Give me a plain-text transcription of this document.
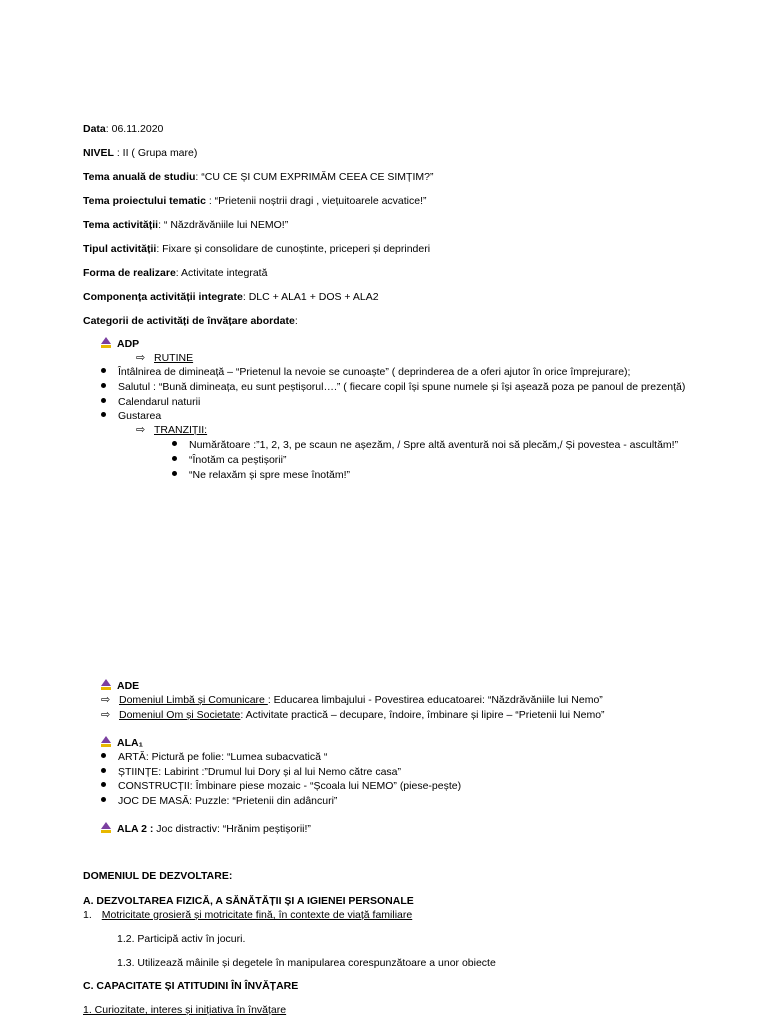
Data: 06.11.2020
NIVEL : II ( Grupa mare)
Tema anuală de studiu: “CU CE ȘI CUM EXPRIMĂM CEEA CE SIMȚIM?”
Tema proiectului tematic : “Prietenii noștrii dragi , viețuitoarele acvatice!”
Tema activității: “ Năzdrăvăniile lui NEMO!”
Tipul activității: Fixare și consolidare de cunoștinte, priceperi și deprinderi
Forma de realizare: Activitate integrată
Componența activității integrate: DLC + ALA1 + DOS + ALA2
Categorii de activități de învățare abordate:
ADP
⇨ RUTINE
Întâlnirea de dimineață – “Prietenul la nevoie se cunoaște” ( deprinderea de a oferi ajutor în orice împrejurare);
Salutul : “Bună dimineața, eu sunt peștișorul….” ( fiecare copil își spune numele și își așează poza pe panoul de prezență)
Calendarul naturii
Gustarea
⇨ TRANZIȚII:
Numărătoare :”1, 2, 3, pe scaun ne așezăm, / Spre altă aventură noi să plecăm,/ Și povestea - ascultăm!”
“Înotăm ca peștișorii”
“Ne relaxăm și spre mese înotăm!”
ADE
⇨ Domeniul Limbă și Comunicare : Educarea limbajului - Povestirea educatoarei: “Năzdrăvăniile lui Nemo”
⇨ Domeniul Om și Societate: Activitate practică – decupare, îndoire, îmbinare și lipire – “Prietenii lui Nemo”
ALA₁
ARTĂ: Pictură pe folie: “Lumea subacvatică “
ȘTIINȚE: Labirint :”Drumul lui Dory și al lui Nemo către casa”
CONSTRUCȚII: Îmbinare piese mozaic - “Școala lui NEMO” (piese-pește)
JOC DE MASĂ: Puzzle: “Prietenii din adâncuri”
ALA 2 : Joc distractiv: “Hrănim peștișorii!”
DOMENIUL DE DEZVOLTARE:
A. DEZVOLTAREA FIZICĂ, A SĂNĂTĂȚII ȘI A IGIENEI PERSONALE
1. Motricitate grosieră și motricitate fină, în contexte de viață familiare
1.2. Participă activ în jocuri.
1.3. Utilizează mâinile și degetele în manipularea corespunzătoare a unor obiecte
C. CAPACITATE ȘI ATITUDINI ÎN ÎNVĂȚARE
1. Curiozitate, interes și inițiativa în învățare
